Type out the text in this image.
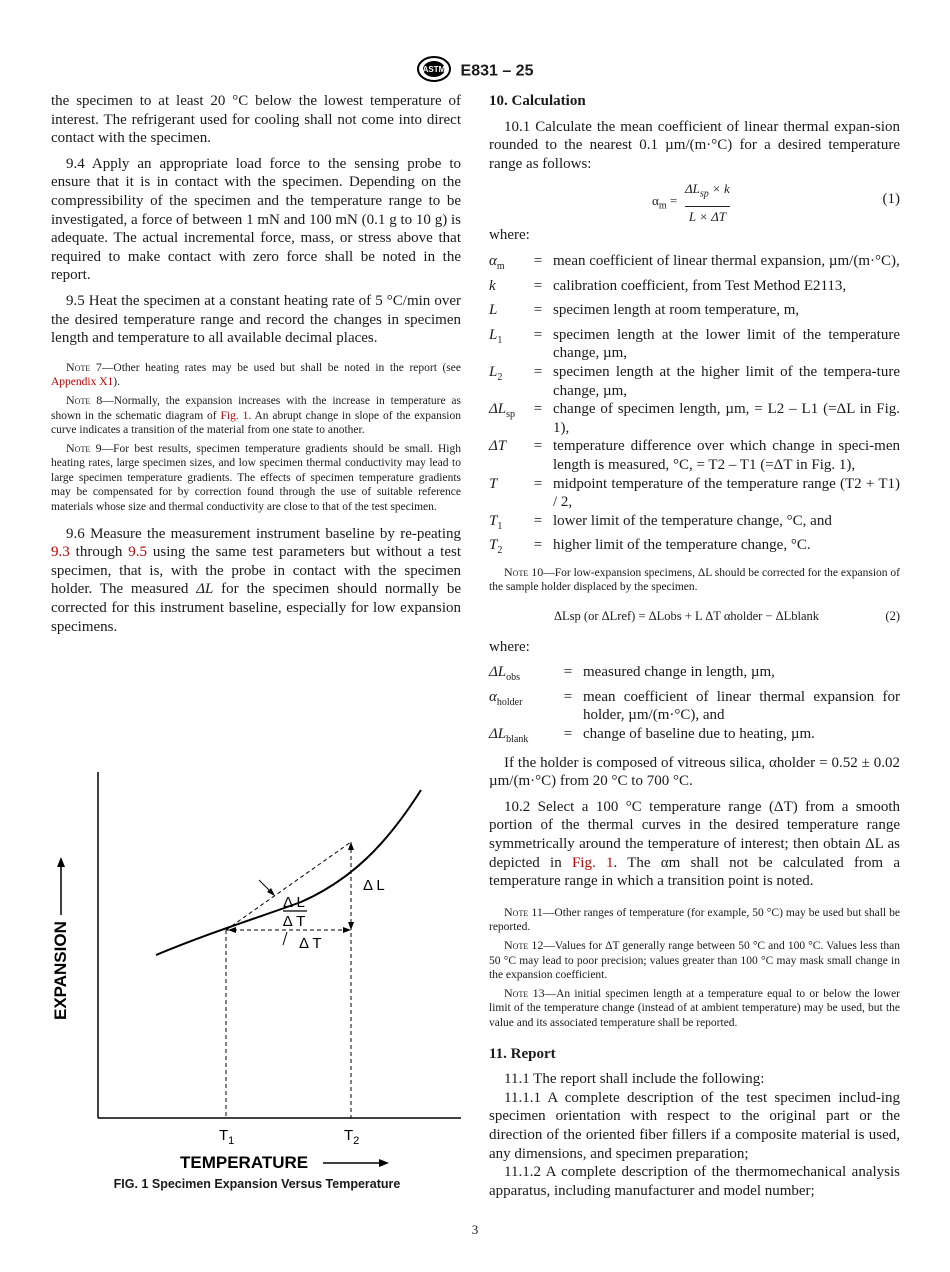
ASTM E831 – 25

the specimen to at least 20 °C below the lowest temperature of interest. The refrigerant used for cooling shall not come into direct contact with the specimen.

9.4 Apply an appropriate load force to the sensing probe to ensure that it is in contact with the specimen. Depending on the compressibility of the specimen and the temperature range to be investigated, a force of between 1 mN and 100 mN (0.1 g to 10 g) is adequate. The actual incremental force, mass, or stress above that required to make contact with zero force shall be noted in the report.

9.5 Heat the specimen at a constant heating rate of 5 °C/min over the desired temperature range and record the changes in specimen length and temperature to all available decimal places.

Note 7—Other heating rates may be used but shall be noted in the report (see Appendix X1).

Note 8—Normally, the expansion increases with the increase in temperature as shown in the schematic diagram of Fig. 1. An abrupt change in slope of the expansion curve indicates a transition of the material from one state to another.

Note 9—For best results, specimen temperature gradients should be small. High heating rates, large specimen sizes, and low specimen thermal conductivity may lead to large specimen temperature gradients. The effects of specimen temperature gradients may be compensated for by correction found through the use of suitable reference materials whose size and thermal conductivity are close to that of the test specimen.

9.6 Measure the measurement instrument baseline by re-peating 9.3 through 9.5 using the same test parameters but without a test specimen, that is, with the probe in contact with the specimen holder. The measured ΔL for the specimen should normally be corrected for this instrument baseline, especially for low expansion specimens.

Δ L
Δ T
Δ T
Δ L
$T_1$	$T_2$
TEMPERATURE
EXPANSION
FIG. 1 Specimen Expansion Versus Temperature
10. Calculation

10.1 Calculate the mean coefficient of linear thermal expan-sion rounded to the nearest 0.1 µm/(m·°C) for a desired temperature range as follows:

$\alpha_m$ =
$\Delta L_{sp} \times k$
L × ΔT
(1)

where:

$\alpha_m$	= mean coefficient of linear thermal expansion, µm/(m·°C),
k	= calibration coefficient, from Test Method E2113,
L	= specimen length at room temperature, m,
$L_1$	= specimen length at the lower limit of the temperature change, µm,
$L_2$	= specimen length at the higher limit of the tempera-ture change, µm,
$\Delta L_{sp}$	= change of specimen length, µm, = L2 – L1 (=ΔL in Fig. 1),
ΔT	= temperature difference over which change in speci-men length is measured, °C, = T2 – T1 (=ΔT in Fig. 1),
T	= midpoint temperature of the temperature range (T2 + T1) / 2,
$T_1$	= lower limit of the temperature change, °C, and
$T_2$	= higher limit of the temperature change, °C.

Note 10—For low-expansion specimens, ΔL should be corrected for the expansion of the sample holder displaced by the specimen.

ΔLsp (or ΔLref) = ΔLobs + L ΔT αholder − ΔLblank	(2)

where:

$\Delta L_{obs}$	= measured change in length, µm,
$\alpha_{holder}$	= mean coefficient of linear thermal expansion for holder, µm/(m·°C), and
$\Delta L_{blank}$	= change of baseline due to heating, µm.

If the holder is composed of vitreous silica, αholder = 0.52 ± 0.02 µm/(m·°C) from 20 °C to 700 °C.

10.2 Select a 100 °C temperature range (ΔT) from a smooth portion of the thermal curves in the desired temperature range symmetrically around the temperature of interest; then obtain ΔL as depicted in Fig. 1. The αm shall not be calculated from a temperature range in which a transition point is noted.

Note 11—Other ranges of temperature (for example, 50 °C) may be used but shall be reported.

Note 12—Values for ΔT generally range between 50 °C and 100 °C. Values less than 50 °C may lead to poor precision; values greater than 100 °C may mask small change in the expansion coefficient.

Note 13—An initial specimen length at a temperature equal to or below the lower limit of the temperature change (instead of at ambient temperature) may be used, but the value and its associated temperature shall be reported.

11. Report

11.1 The report shall include the following:

11.1.1 A complete description of the test specimen includ-ing specimen orientation with respect to the original part or the direction of the oriented fiber fillers if a composite material is used, any dimensions, and specimen preparation;

11.1.2 A complete description of the thermomechanical analysis apparatus, including manufacturer and model number;

3
